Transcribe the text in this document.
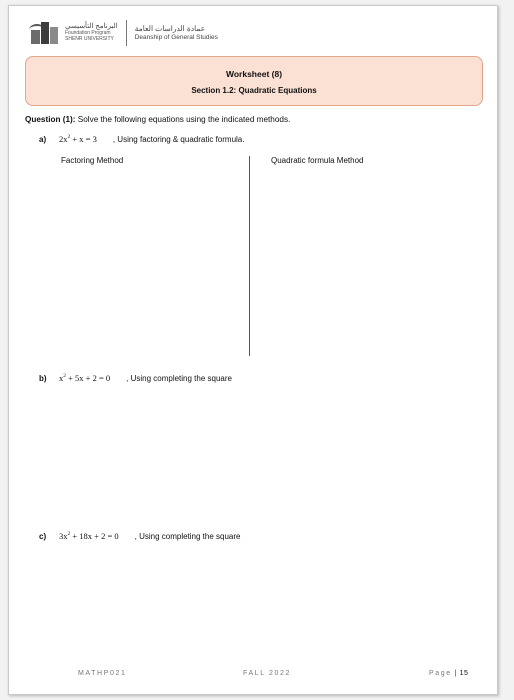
البرنامج التأسيسي
Foundation Program
SHENR UNIVERSITY
عمادة الدراسات العامة
Deanship of General Studies
Worksheet (8)
Section 1.2: Quadratic Equations
Question (1): Solve the following equations using the indicated methods.
a)	$2x^2 + x = 3$ , Using factoring & quadratic formula.
Factoring Method	Quadratic formula Method
b)	$x^2 + 5x + 2 = 0$ , Using completing the square
c)	$3x^2 + 18x + 2 = 0$ , Using completing the square
MATHP021	FALL 2022	Page | 15
